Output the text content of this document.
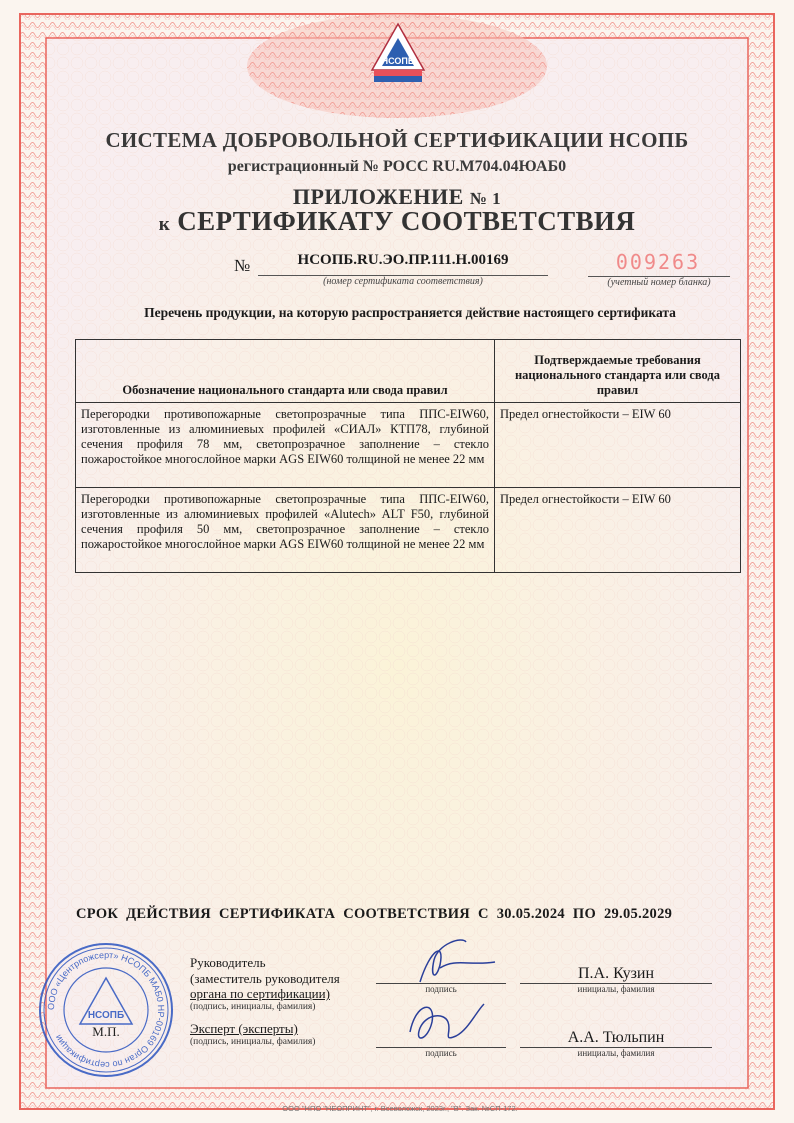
НСОПБ
СИСТЕМА ДОБРОВОЛЬНОЙ СЕРТИФИКАЦИИ НСОПБ
регистрационный № РОСС RU.М704.04ЮАБ0
ПРИЛОЖЕНИЕ № 1
к СЕРТИФИКАТУ СООТВЕТСТВИЯ
№	НСОПБ.RU.ЭО.ПР.111.Н.00169
(номер сертификата соответствия)
009263
(учетный номер бланка)
Перечень продукции, на которую распространяется действие настоящего сертификата
Обозначение национального стандарта или свода правил	Подтверждаемые требования национального стандарта или свода правил
Перегородки противопожарные светопрозрачные типа ППС-EIW60, изготовленные из алюминиевых профилей «СИАЛ» КТП78, глубиной сечения профиля 78 мм, светопрозрачное заполнение – стекло пожаростойкое многослойное марки AGS EIW60 толщиной не менее 22 мм	Предел огнестойкости – EIW 60
Перегородки противопожарные светопрозрачные типа ППС-EIW60, изготовленные из алюминиевых профилей «Alutech» ALT F50, глубиной сечения профиля 50 мм, светопрозрачное заполнение – стекло пожаростойкое многослойное марки AGS EIW60 толщиной не менее 22 мм	Предел огнестойкости – EIW 60
СРОК ДЕЙСТВИЯ СЕРТИФИКАТА СООТВЕТСТВИЯ С 30.05.2024 ПО 29.05.2029
ООО «Центрпожсерт» НСОПБ МАБ0 НР-00169 Орган по сертификации
НСОПБ
М.П.
Руководитель
(заместитель руководителя
органа по сертификации)
(подпись, инициалы, фамилия)
подпись
П.А. Кузин
инициалы, фамилия
Эксперт (эксперты)
(подпись, инициалы, фамилия)
подпись
А.А. Тюльпин
инициалы, фамилия
ООО "НПО "НЕОПРИНТ", г. Всеволожск, 2023г., "В". Зак. №СП-172.
